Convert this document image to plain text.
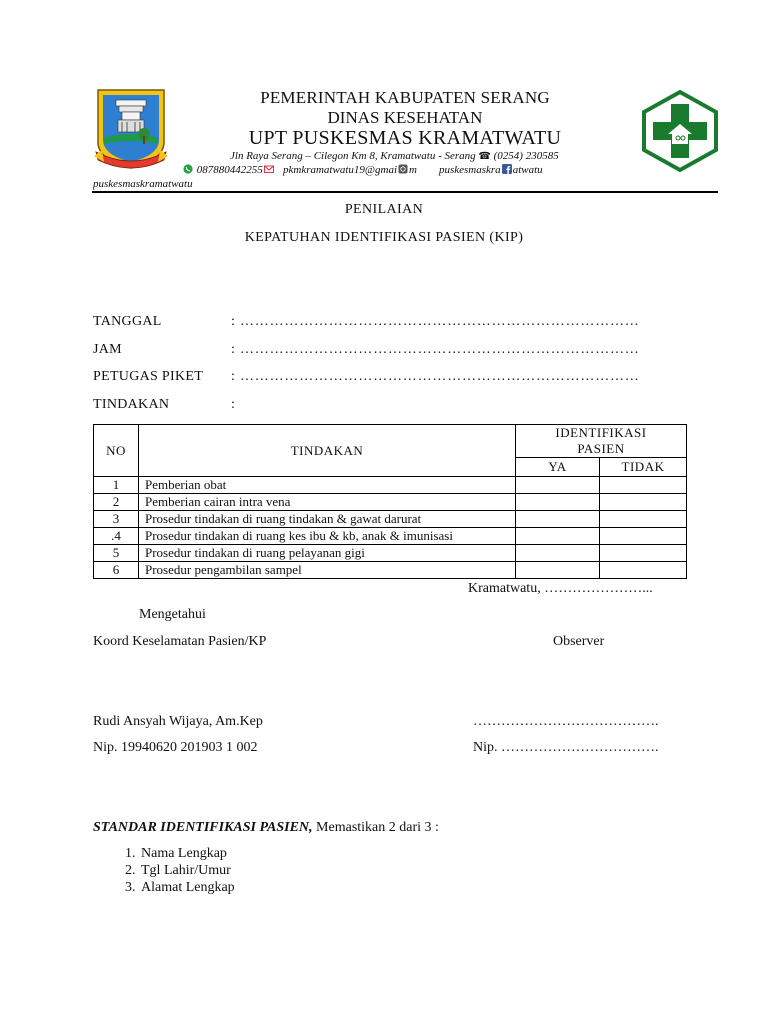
PEMERINTAH KABUPATEN SERANG
DINAS KESEHATAN
UPT PUSKESMAS KRAMATWATU
Jln Raya Serang – Cilegon Km 8, Kramatwatu - Serang ☎ (0254) 230585
087880442255 pkmkramatwatu19@gmai m puskesmaskra atwatu
puskesmaskramatwatu
PENILAIAN
KEPATUHAN IDENTIFIKASI PASIEN (KIP)
TANGGAL	: ………………………………………………………………………
JAM	: ………………………………………………………………………
PETUGAS PIKET : ………………………………………………………………………
TINDAKAN	:
NO	TINDAKAN	IDENTIFIKASI PASIEN	
		YA	TIDAK
1	Pemberian obat		
2	Pemberian cairan intra vena		
3	Prosedur tindakan di ruang tindakan & gawat darurat		
.4	Prosedur tindakan di ruang kes ibu & kb, anak & imunisasi		
5	Prosedur tindakan di ruang pelayanan gigi		
6	Prosedur pengambilan sampel		
Kramatwatu, …………………...
Mengetahui
Koord Keselamatan Pasien/KP	Observer
Rudi Ansyah Wijaya, Am.Kep	………………………………….
Nip. 19940620 201903 1 002	Nip. …………………………….
STANDAR IDENTIFIKASI PASIEN, Memastikan 2 dari 3 :
1. Nama Lengkap
2. Tgl Lahir/Umur
3. Alamat Lengkap
